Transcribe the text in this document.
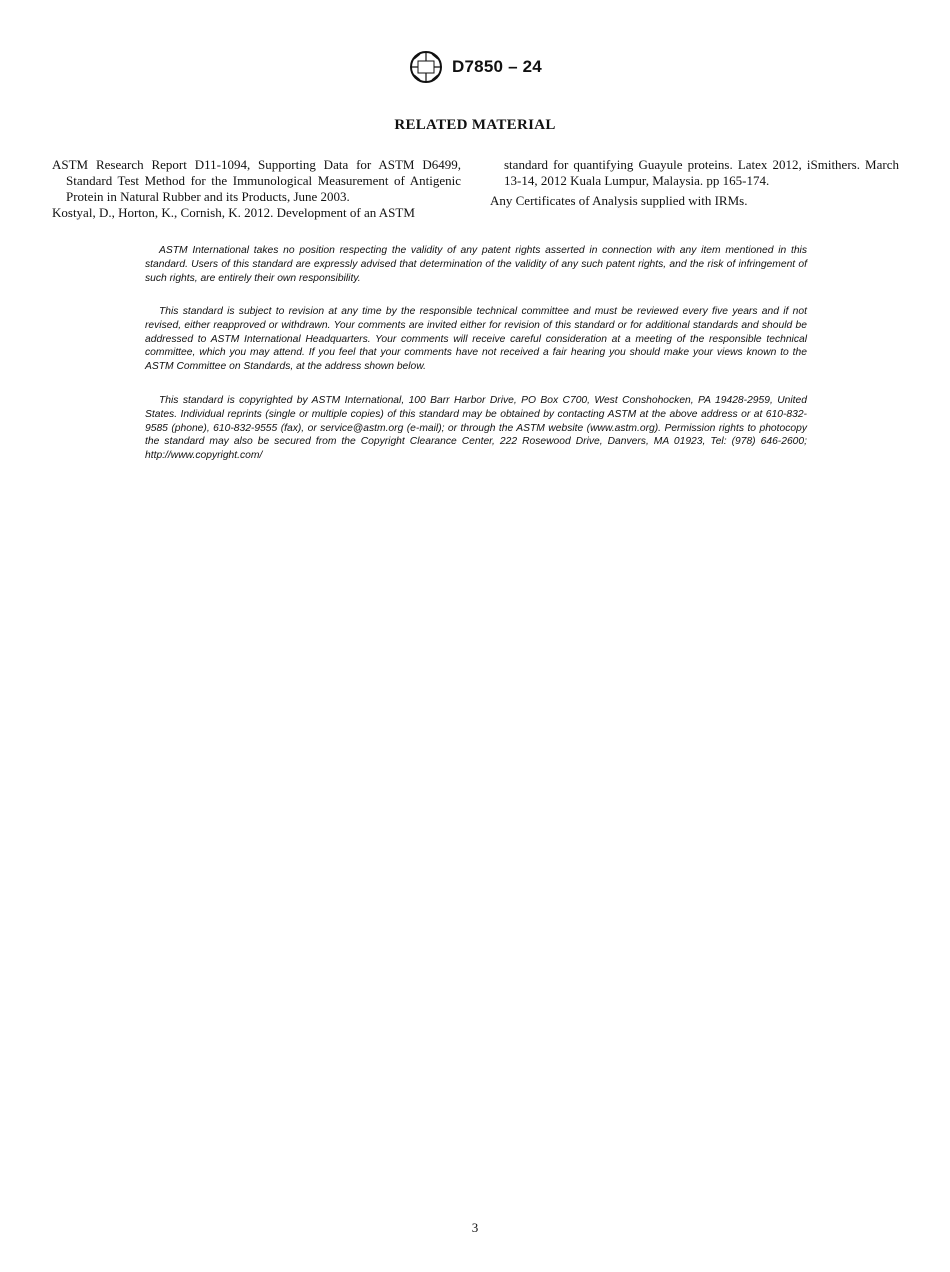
D7850 – 24
RELATED MATERIAL

ASTM Research Report D11-1094, Supporting Data for ASTM D6499, Standard Test Method for the Immunological Measurement of Antigenic Protein in Natural Rubber and its Products, June 2003.

Kostyal, D., Horton, K., Cornish, K. 2012. Development of an ASTM

standard for quantifying Guayule proteins. Latex 2012, iSmithers. March 13-14, 2012 Kuala Lumpur, Malaysia. pp 165-174.

Any Certificates of Analysis supplied with IRMs.

ASTM International takes no position respecting the validity of any patent rights asserted in connection with any item mentioned in this standard. Users of this standard are expressly advised that determination of the validity of any such patent rights, and the risk of infringement of such rights, are entirely their own responsibility.

This standard is subject to revision at any time by the responsible technical committee and must be reviewed every five years and if not revised, either reapproved or withdrawn. Your comments are invited either for revision of this standard or for additional standards and should be addressed to ASTM International Headquarters. Your comments will receive careful consideration at a meeting of the responsible technical committee, which you may attend. If you feel that your comments have not received a fair hearing you should make your views known to the ASTM Committee on Standards, at the address shown below.

This standard is copyrighted by ASTM International, 100 Barr Harbor Drive, PO Box C700, West Conshohocken, PA 19428-2959, United States. Individual reprints (single or multiple copies) of this standard may be obtained by contacting ASTM at the above address or at 610-832-9585 (phone), 610-832-9555 (fax), or service@astm.org (e-mail); or through the ASTM website (www.astm.org). Permission rights to photocopy the standard may also be secured from the Copyright Clearance Center, 222 Rosewood Drive, Danvers, MA 01923, Tel: (978) 646-2600; http://www.copyright.com/

3
